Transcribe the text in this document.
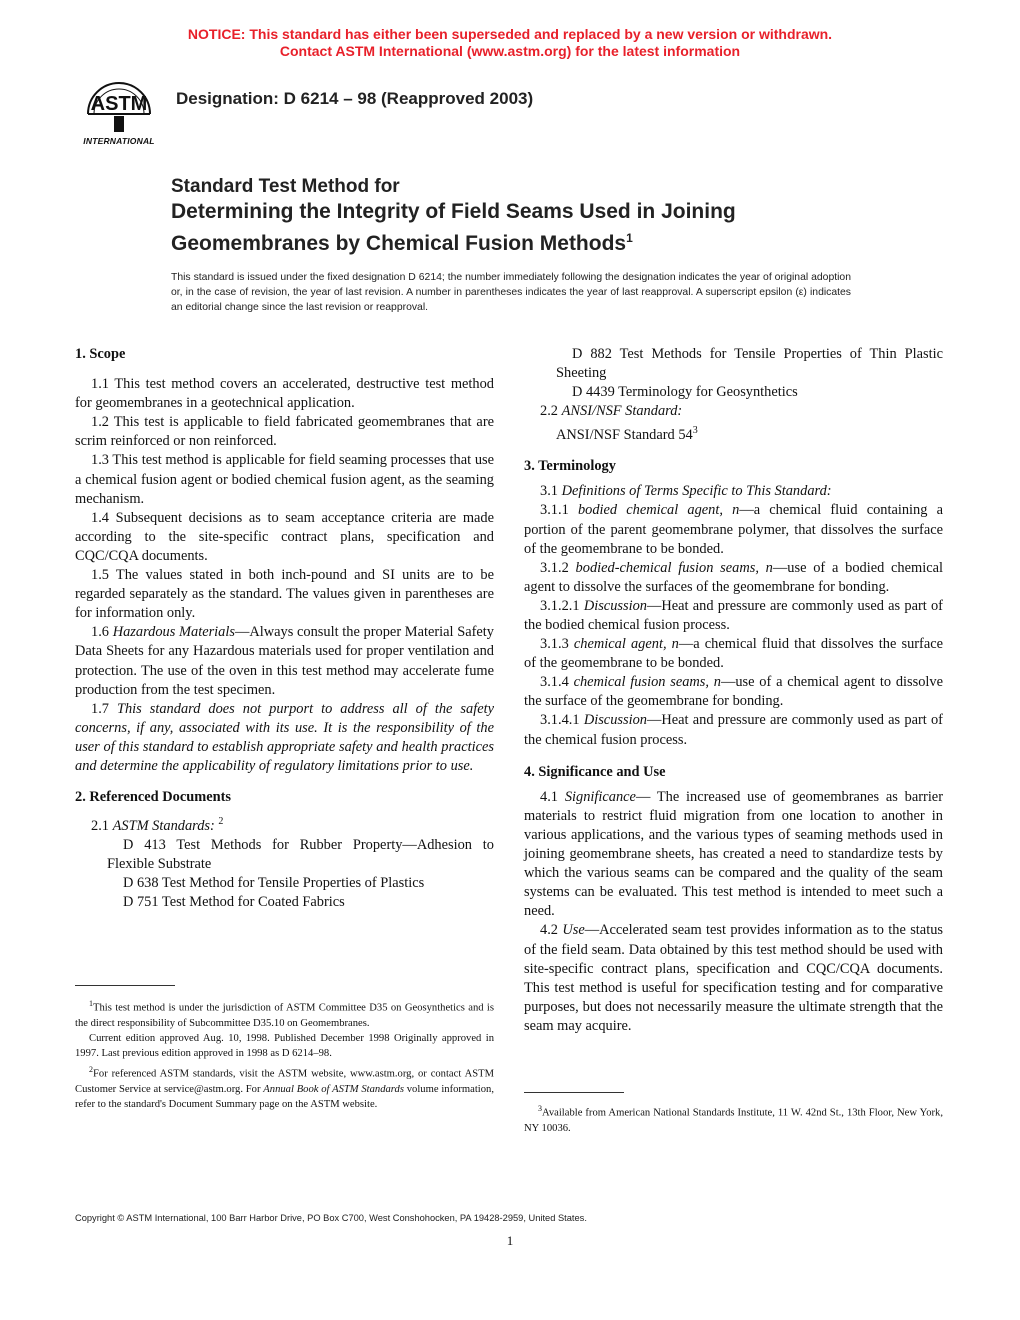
NOTICE: This standard has either been superseded and replaced by a new version or withdrawn.
Contact ASTM International (www.astm.org) for the latest information
ASTM
INTERNATIONAL
Designation: D 6214 – 98 (Reapproved 2003)
Standard Test Method for
Determining the Integrity of Field Seams Used in Joining
Geomembranes by Chemical Fusion Methods$^1$
This standard is issued under the fixed designation D 6214; the number immediately following the designation indicates the year of original adoption or, in the case of revision, the year of last revision. A number in parentheses indicates the year of last reapproval. A superscript epsilon (ε) indicates an editorial change since the last revision or reapproval.
1. Scope

1.1 This test method covers an accelerated, destructive test method for geomembranes in a geotechnical application.

1.2 This test is applicable to field fabricated geomembranes that are scrim reinforced or non reinforced.

1.3 This test method is applicable for field seaming processes that use a chemical fusion agent or bodied chemical fusion agent, as the seaming mechanism.

1.4 Subsequent decisions as to seam acceptance criteria are made according to the site-specific contract plans, specification and CQC/CQA documents.

1.5 The values stated in both inch-pound and SI units are to be regarded separately as the standard. The values given in parentheses are for information only.

1.6 Hazardous Materials—Always consult the proper Material Safety Data Sheets for any Hazardous materials used for proper ventilation and protection. The use of the oven in this test method may accelerate fume production from the test specimen.

1.7 This standard does not purport to address all of the safety concerns, if any, associated with its use. It is the responsibility of the user of this standard to establish appropriate safety and health practices and determine the applicability of regulatory limitations prior to use.

2. Referenced Documents

2.1 ASTM Standards: $^2$

D 413 Test Methods for Rubber Property—Adhesion to Flexible Substrate

D 638 Test Method for Tensile Properties of Plastics

D 751 Test Method for Coated Fabrics

$^1$This test method is under the jurisdiction of ASTM Committee D35 on Geosynthetics and is the direct responsibility of Subcommittee D35.10 on Geomembranes.

Current edition approved Aug. 10, 1998. Published December 1998 Originally approved in 1997. Last previous edition approved in 1998 as D 6214–98.

$^2$For referenced ASTM standards, visit the ASTM website, www.astm.org, or contact ASTM Customer Service at service@astm.org. For Annual Book of ASTM Standards volume information, refer to the standard's Document Summary page on the ASTM website.

D 882 Test Methods for Tensile Properties of Thin Plastic Sheeting

D 4439 Terminology for Geosynthetics

2.2 ANSI/NSF Standard:

ANSI/NSF Standard $54^3$

3. Terminology

3.1 Definitions of Terms Specific to This Standard:

3.1.1 bodied chemical agent, n—a chemical fluid containing a portion of the parent geomembrane polymer, that dissolves the surface of the geomembrane to be bonded.

3.1.2 bodied-chemical fusion seams, n—use of a bodied chemical agent to dissolve the surfaces of the geomembrane for bonding.

3.1.2.1 Discussion—Heat and pressure are commonly used as part of the bodied chemical fusion process.

3.1.3 chemical agent, n—a chemical fluid that dissolves the surface of the geomembrane to be bonded.

3.1.4 chemical fusion seams, n—use of a chemical agent to dissolve the surface of the geomembrane for bonding.

3.1.4.1 Discussion—Heat and pressure are commonly used as part of the chemical fusion process.

4. Significance and Use

4.1 Significance— The increased use of geomembranes as barrier materials to restrict fluid migration from one location to another in various applications, and the various types of seaming methods used in joining geomembrane sheets, has created a need to standardize tests by which the various seams can be compared and the quality of the seam systems can be evaluated. This test method is intended to meet such a need.

4.2 Use—Accelerated seam test provides information as to the status of the field seam. Data obtained by this test method should be used with site-specific contract plans, specification and CQC/CQA documents. This test method is useful for specification testing and for comparative purposes, but does not necessarily measure the ultimate strength that the seam may acquire.

$^3$Available from American National Standards Institute, 11 W. 42nd St., 13th Floor, New York, NY 10036.

Copyright © ASTM International, 100 Barr Harbor Drive, PO Box C700, West Conshohocken, PA 19428-2959, United States.
1
